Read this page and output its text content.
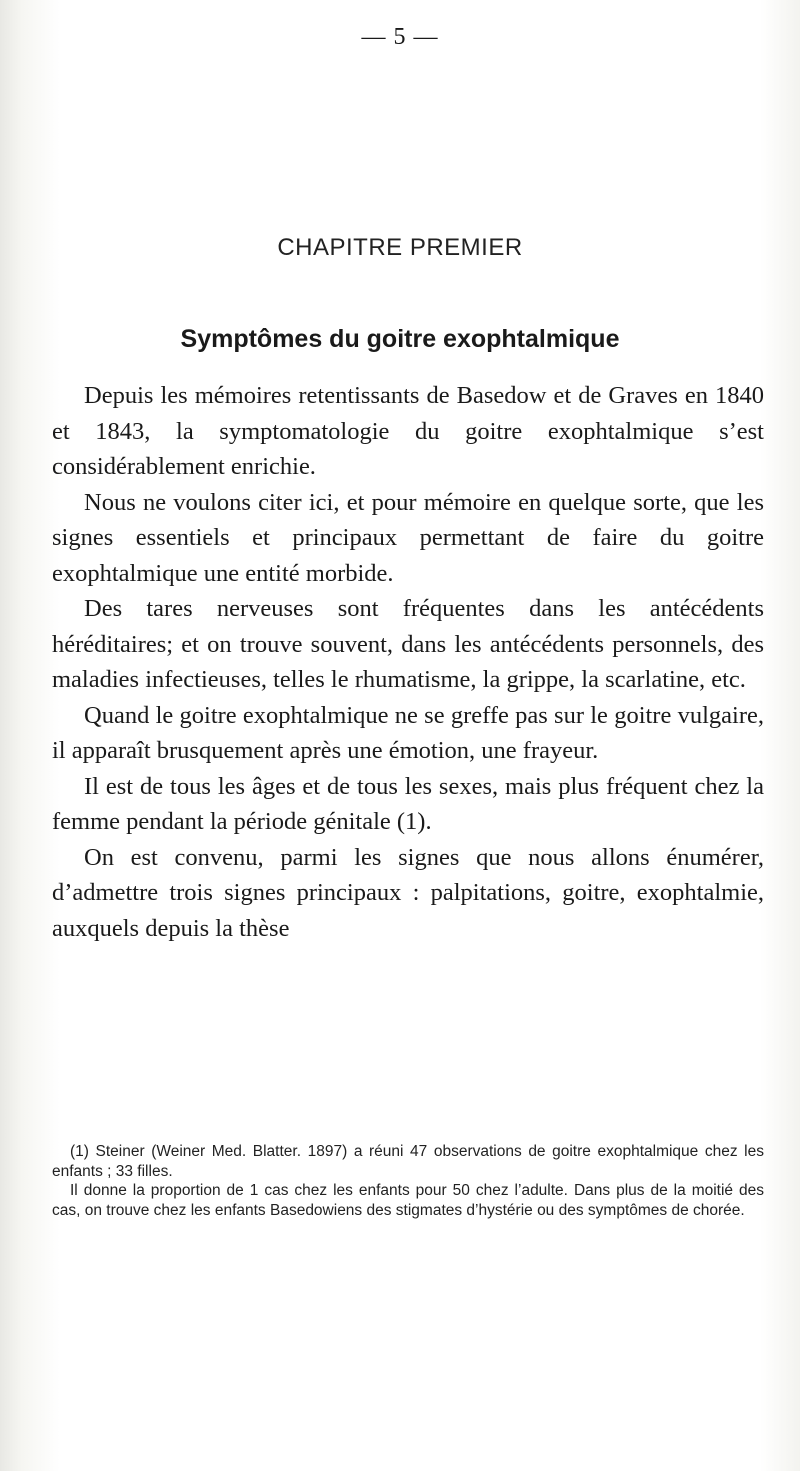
— 5 —
CHAPITRE PREMIER
Symptômes du goitre exophtalmique

Depuis les mémoires retentissants de Basedow et de Graves en 1840 et 1843, la symptomatologie du goitre exophtalmique s’est considérablement enrichie.

Nous ne voulons citer ici, et pour mémoire en quelque sorte, que les signes essentiels et principaux permettant de faire du goitre exophtalmique une entité morbide.

Des tares nerveuses sont fréquentes dans les antécédents héréditaires; et on trouve souvent, dans les antécédents personnels, des maladies infectieuses, telles le rhumatisme, la grippe, la scarlatine, etc.

Quand le goitre exophtalmique ne se greffe pas sur le goitre vulgaire, il apparaît brusquement après une émotion, une frayeur.

Il est de tous les âges et de tous les sexes, mais plus fréquent chez la femme pendant la période génitale (1).

On est convenu, parmi les signes que nous allons énumérer, d’admettre trois signes principaux : palpitations, goitre, exophtalmie, auxquels depuis la thèse

(1) Steiner (Weiner Med. Blatter. 1897) a réuni 47 observations de goitre exophtalmique chez les enfants ; 33 filles.

Il donne la proportion de 1 cas chez les enfants pour 50 chez l’adulte. Dans plus de la moitié des cas, on trouve chez les enfants Basedowiens des stigmates d’hystérie ou des symptômes de chorée.
